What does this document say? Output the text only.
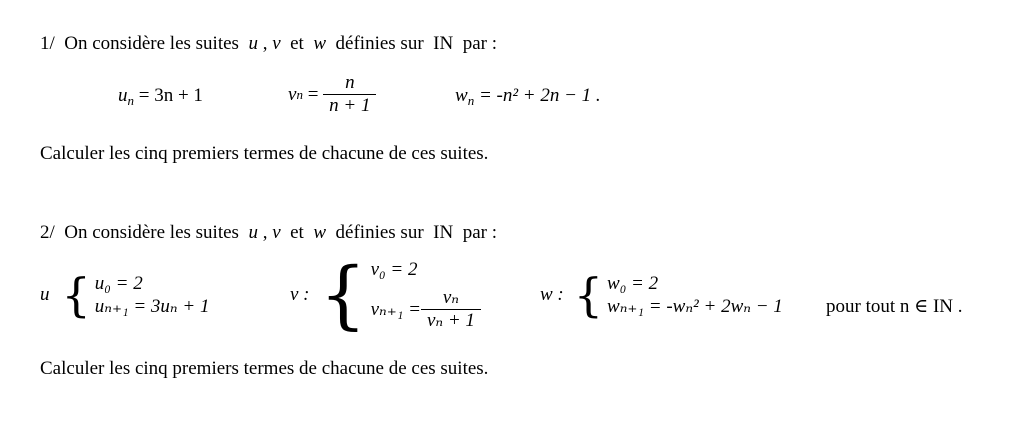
1/ On considère les suites u , v et w définies sur IN par :
$u_n = 3n + 1$	v $n = \frac{n}{n + 1}$	$w_n = -n^2 + 2n - 1$ .
Calculer les cinq premiers termes de chacune de ces suites.
2/ On considère les suites u , v et w définies sur IN par :
u { u₀ = 2
uₙ₊₁ = 3uₙ + 1
v : { v₀ = 2
$v_{n+1} = \frac{\text{vₙ}}{\text{vₙ + 1}}$	w : { w₀ = 2
wₙ₊₁ = -wₙ² + 2wₙ − 1 pour tout n ∈ IN .
Calculer les cinq premiers termes de chacune de ces suites.
